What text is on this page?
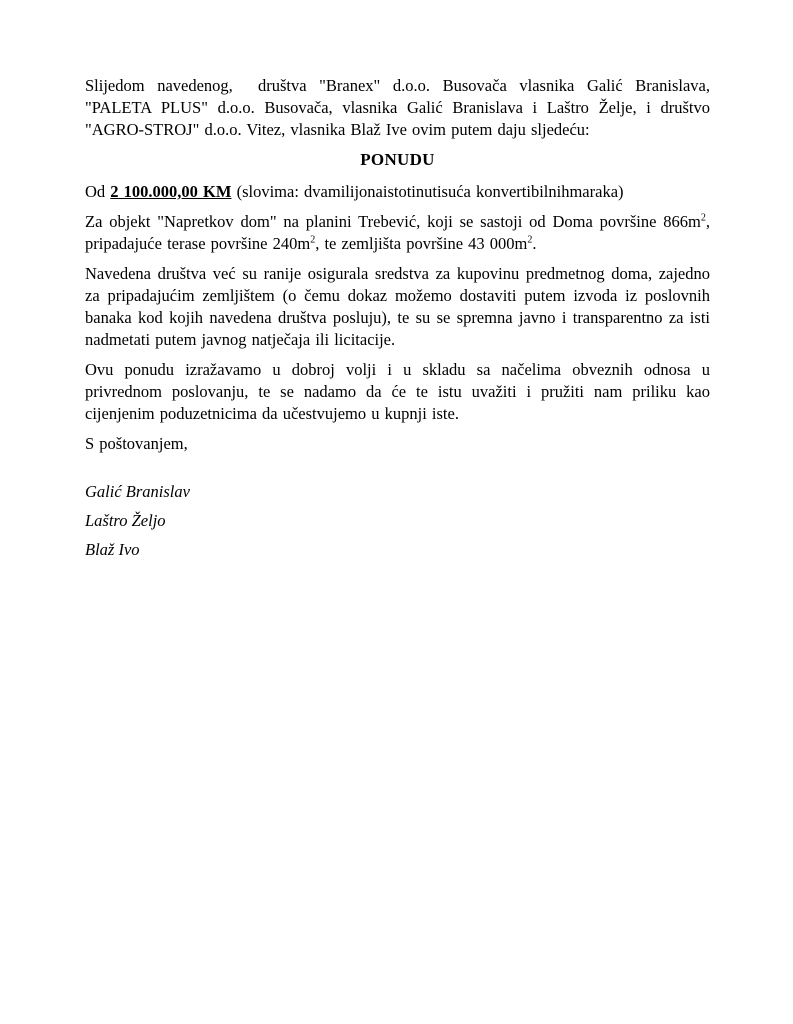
Slijedom navedenog,  društva "Branex" d.o.o. Busovača vlasnika Galić Branislava, "PALETA PLUS" d.o.o. Busovača, vlasnika Galić Branislava i Laštro Želje, i društvo "AGRO-STROJ" d.o.o. Vitez, vlasnika Blaž Ive ovim putem daju sljedeću:

PONUDU

Od 2 100.000,00 KM (slovima: dvamilijonaistotinutisuća konvertibilnihmaraka)

Za objekt "Napretkov dom" na planini Trebević, koji se sastoji od Doma površine $866m^2$, pripadajuće terase površine $240m^2$, te zemljišta površine 43 $000m^2$.

Navedena društva već su ranije osigurala sredstva za kupovinu predmetnog doma, zajedno za pripadajućim zemljištem (o čemu dokaz možemo dostaviti putem izvoda iz poslovnih banaka kod kojih navedena društva posluju), te su se spremna javno i transparentno za isti nadmetati putem javnog natječaja ili licitacije.

Ovu ponudu izražavamo u dobroj volji i u skladu sa načelima obveznih odnosa u privrednom poslovanju, te se nadamo da će te istu uvažiti i pružiti nam priliku kao cijenjenim poduzetnicima da učestvujemo u kupnji iste.

S poštovanjem,

Galić Branislav

Laštro Željo

Blaž Ivo
